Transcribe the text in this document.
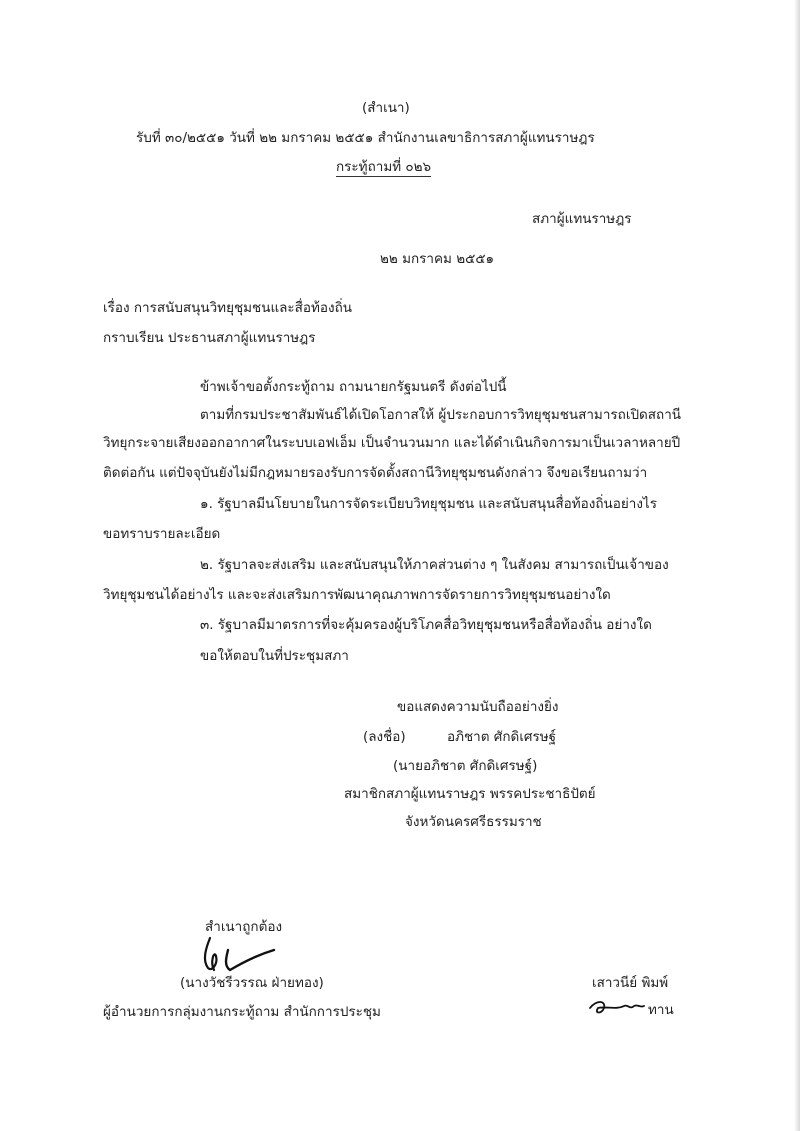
(สำเนา)
รับที่ ๓๐/๒๕๕๑ วันที่ ๒๒ มกราคม ๒๕๕๑ สำนักงานเลขาธิการสภาผู้แทนราษฎร
กระทู้ถามที่ ๐๒๖
สภาผู้แทนราษฎร
๒๒ มกราคม ๒๕๕๑
เรื่อง การสนับสนุนวิทยุชุมชนและสื่อท้องถิ่น
กราบเรียน ประธานสภาผู้แทนราษฎร
ข้าพเจ้าขอตั้งกระทู้ถาม ถามนายกรัฐมนตรี ดังต่อไปนี้
ตามที่กรมประชาสัมพันธ์ได้เปิดโอกาสให้ ผู้ประกอบการวิทยุชุมชนสามารถเปิดสถานี
วิทยุกระจายเสียงออกอากาศในระบบเอฟเอ็ม เป็นจำนวนมาก และได้ดำเนินกิจการมาเป็นเวลาหลายปี
ติดต่อกัน แต่ปัจจุบันยังไม่มีกฎหมายรองรับการจัดตั้งสถานีวิทยุชุมชนดังกล่าว จึงขอเรียนถามว่า
๑. รัฐบาลมีนโยบายในการจัดระเบียบวิทยุชุมชน และสนับสนุนสื่อท้องถิ่นอย่างไร
ขอทราบรายละเอียด
๒. รัฐบาลจะส่งเสริม และสนับสนุนให้ภาคส่วนต่าง ๆ ในสังคม สามารถเป็นเจ้าของ
วิทยุชุมชนได้อย่างไร และจะส่งเสริมการพัฒนาคุณภาพการจัดรายการวิทยุชุมชนอย่างใด
๓. รัฐบาลมีมาตรการที่จะคุ้มครองผู้บริโภคสื่อวิทยุชุมชนหรือสื่อท้องถิ่น อย่างใด
ขอให้ตอบในที่ประชุมสภา
ขอแสดงความนับถืออย่างยิ่ง
(ลงชื่อ)	อภิชาต ศักดิเศรษฐ์
(นายอภิชาต ศักดิเศรษฐ์)
สมาชิกสภาผู้แทนราษฎร พรรคประชาธิปัตย์
จังหวัดนครศรีธรรมราช
สำเนาถูกต้อง
(นางวัชรีวรรณ ฝ่ายทอง)
ผู้อำนวยการกลุ่มงานกระทู้ถาม สำนักการประชุม
เสาวนีย์ พิมพ์
ทาน
